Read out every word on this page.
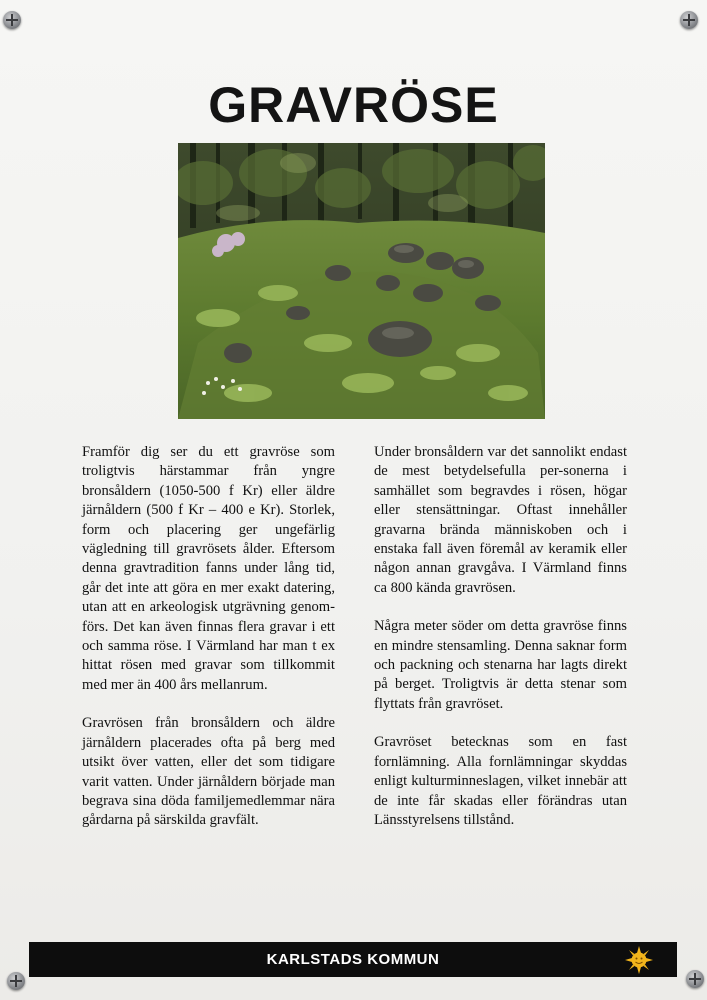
GRAVRÖSE

Framför dig ser du ett gravröse som troligtvis härstammar från yngre bronsåldern (1050-500 f Kr) eller äldre järnåldern (500 f Kr – 400 e Kr). Storlek, form och placering ger ungefärlig vägledning till gravrösets ålder. Eftersom denna gravtradition fanns under lång tid, går det inte att göra en mer exakt datering, utan att en arkeologisk utgrävning genom-förs. Det kan även finnas flera gravar i ett och samma röse. I Värmland har man t ex hittat rösen med gravar som tillkommit med mer än 400 års mellanrum.

Gravrösen från bronsåldern och äldre järnåldern placerades ofta på berg med utsikt över vatten, eller det som tidigare varit vatten. Under järnåldern började man begrava sina döda familjemedlemmar nära gårdarna på särskilda gravfält.

Under bronsåldern var det sannolikt endast de mest betydelsefulla per-sonerna i samhället som begravdes i rösen, högar eller stensättningar. Oftast innehåller gravarna brända människoben och i enstaka fall även föremål av keramik eller någon annan gravgåva. I Värmland finns ca 800 kända gravrösen.

Några meter söder om detta gravröse finns en mindre stensamling. Denna saknar form och packning och stenarna har lagts direkt på berget. Troligtvis är detta stenar som flyttats från gravröset.

Gravröset betecknas som en fast fornlämning. Alla fornlämningar skyddas enligt kulturminneslagen, vilket innebär att de inte får skadas eller förändras utan Länsstyrelsens tillstånd.

KARLSTADS KOMMUN
